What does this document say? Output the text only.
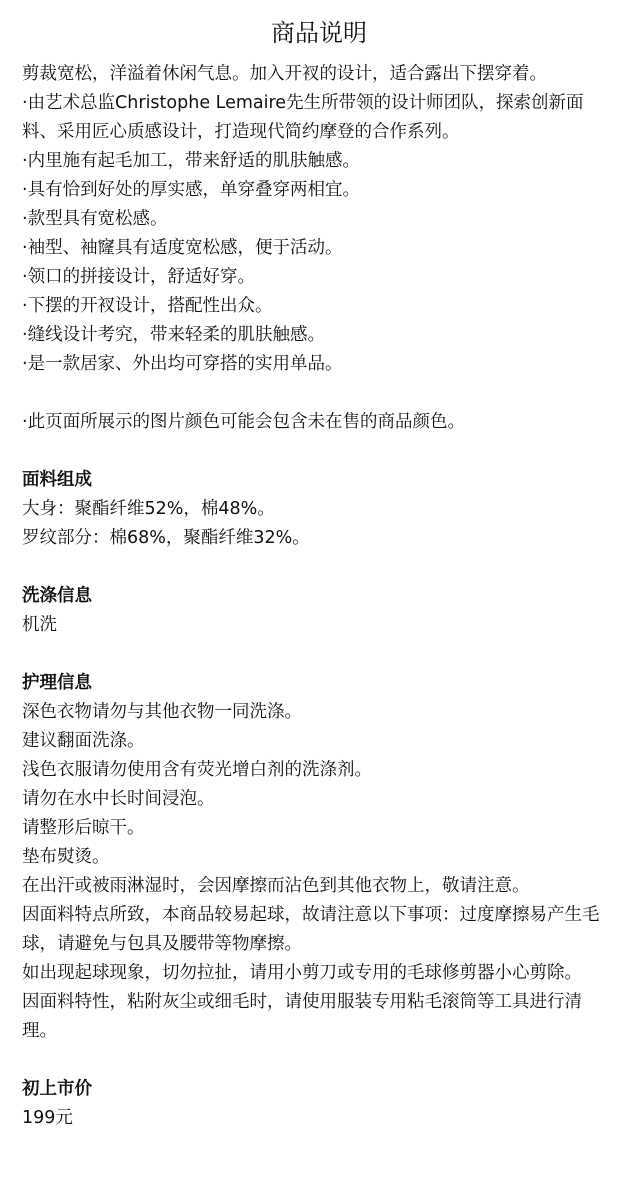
商品说明
剪裁宽松，洋溢着休闲气息。加入开衩的设计，适合露出下摆穿着。
·由艺术总监Christophe Lemaire先生所带领的设计师团队，探索创新面料、采用匠心质感设计，打造现代简约摩登的合作系列。
·内里施有起毛加工，带来舒适的肌肤触感。
·具有恰到好处的厚实感，单穿叠穿两相宜。
·款型具有宽松感。
·袖型、袖窿具有适度宽松感，便于活动。
·领口的拼接设计，舒适好穿。
·下摆的开衩设计，搭配性出众。
·缝线设计考究，带来轻柔的肌肤触感。
·是一款居家、外出均可穿搭的实用单品。
·此页面所展示的图片颜色可能会包含未在售的商品颜色。
面料组成
大身：聚酯纤维52%，棉48%。
罗纹部分：棉68%，聚酯纤维32%。
洗涤信息
机洗
护理信息
深色衣物请勿与其他衣物一同洗涤。
建议翻面洗涤。
浅色衣服请勿使用含有荧光增白剂的洗涤剂。
请勿在水中长时间浸泡。
请整形后晾干。
垫布熨烫。
在出汗或被雨淋湿时，会因摩擦而沾色到其他衣物上，敬请注意。
因面料特点所致，本商品较易起球，故请注意以下事项：过度摩擦易产生毛球，请避免与包具及腰带等物摩擦。
如出现起球现象，切勿拉扯，请用小剪刀或专用的毛球修剪器小心剪除。
因面料特性，粘附灰尘或细毛时，请使用服装专用粘毛滚筒等工具进行清理。
初上市价
199元
